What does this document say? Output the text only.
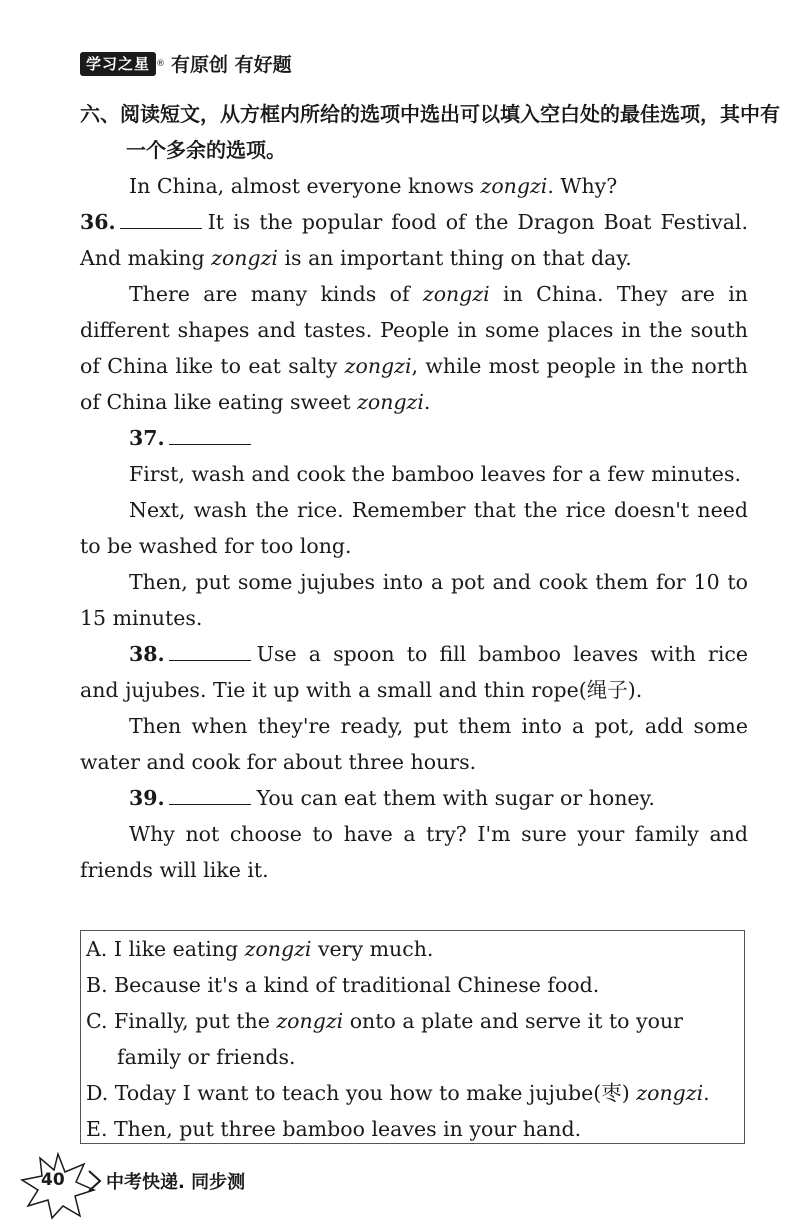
学习之星 ® 有原创 有好题
六、阅读短文，从方框内所给的选项中选出可以填入空白处的最佳选项，其中有一个多余的选项。

In China, almost everyone knows zongzi. Why?

36.	It is the popular food of the Dragon Boat Festival. And making zongzi is an important thing on that day.

There are many kinds of zongzi in China. They are in different shapes and tastes. People in some places in the south of China like to eat salty zongzi, while most people in the north of China like eating sweet zongzi.

37.

First, wash and cook the bamboo leaves for a few minutes.

Next, wash the rice. Remember that the rice doesn't need to be washed for too long.

Then, put some jujubes into a pot and cook them for 10 to 15 minutes.

38.	Use a spoon to fill bamboo leaves with rice and jujubes. Tie it up with a small and thin rope(绳子).

Then when they're ready, put them into a pot, add some water and cook for about three hours.

39.	You can eat them with sugar or honey.

Why not choose to have a try? I'm sure your family and friends will like it.

A. I like eating zongzi very much.

B. Because it's a kind of traditional Chinese food.

C. Finally, put the zongzi onto a plate and serve it to your family or friends.

D. Today I want to teach you how to make jujube(枣) zongzi.

E. Then, put three bamboo leaves in your hand.

40 中考快递. 同步测
